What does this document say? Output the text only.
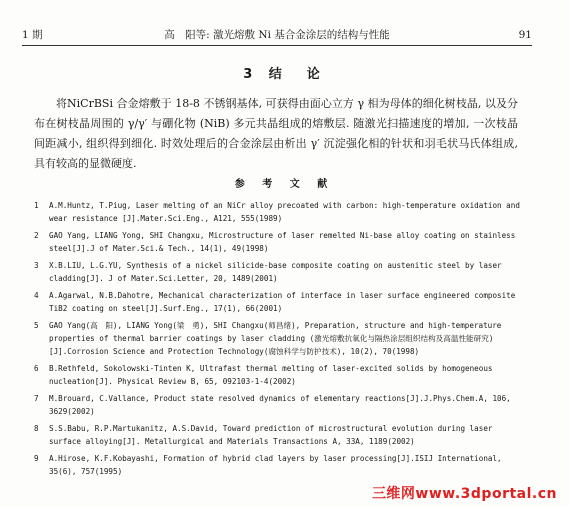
1 期	高　阳等: 激光熔敷 Ni 基合金涂层的结构与性能	91
3 结　论

将NiCrBSi 合金熔敷于 18-8 不锈钢基体, 可获得由面心立方 γ 相为母体的细化树枝晶, 以及分布在树枝晶周围的 γ/γ′ 与硼化物 (NiB) 多元共晶组成的熔敷层. 随激光扫描速度的增加, 一次枝晶间距减小, 组织得到细化. 时效处理后的合金涂层由析出 γ′ 沉淀强化相的针状和羽毛状马氏体组成, 具有较高的显微硬度.

参 考 文 献
1 A.M.Huntz, T.Piug, Laser melting of an NiCr alloy precoated with carbon: high-temperature oxidation and wear resistance [J].Mater.Sci.Eng., A121, 555(1989)
2 GAO Yang, LIANG Yong, SHI Changxu, Microstructure of laser remelted Ni-base alloy coating on stainless steel[J].J of Mater.Sci.& Tech., 14(1), 49(1998)
3 X.B.LIU, L.G.YU, Synthesis of a nickel silicide-base composite coating on austenitic steel by laser cladding[J]. J of Mater.Sci.Letter, 20, 1489(2001)
4 A.Agarwal, N.B.Dahotre, Mechanical characterization of interface in laser surface engineered composite TiB2 coating on steel[J].Surf.Eng., 17(1), 66(2001)
5 GAO Yang(高　阳), LIANG Yong(梁　勇), SHI Changxu(师昌绪), Preparation, structure and high-temperature properties of thermal barrier coatings by laser cladding (激光熔敷抗氧化与隔热涂层组织结构及高温性能研究)[J].Corrosion Science and Protection Technology(腐蚀科学与防护技术), 10(2), 70(1998)
6 B.Rethfeld, Sokolowski-Tinten K, Ultrafast thermal melting of laser-excited solids by homogeneous nucleation[J]. Physical Review B, 65, 092103-1-4(2002)
7 M.Brouard, C.Vallance, Product state resolved dynamics of elementary reactions[J].J.Phys.Chem.A, 106, 3629(2002)
8 S.S.Babu, R.P.Martukanitz, A.S.David, Toward prediction of microstructural evolution during laser surface alloying[J]. Metallurgical and Materials Transactions A, 33A, 1189(2002)
9 A.Hirose, K.F.Kobayashi, Formation of hybrid clad layers by laser processing[J].ISIJ International, 35(6), 757(1995)
三维网www.3dportal.cn
